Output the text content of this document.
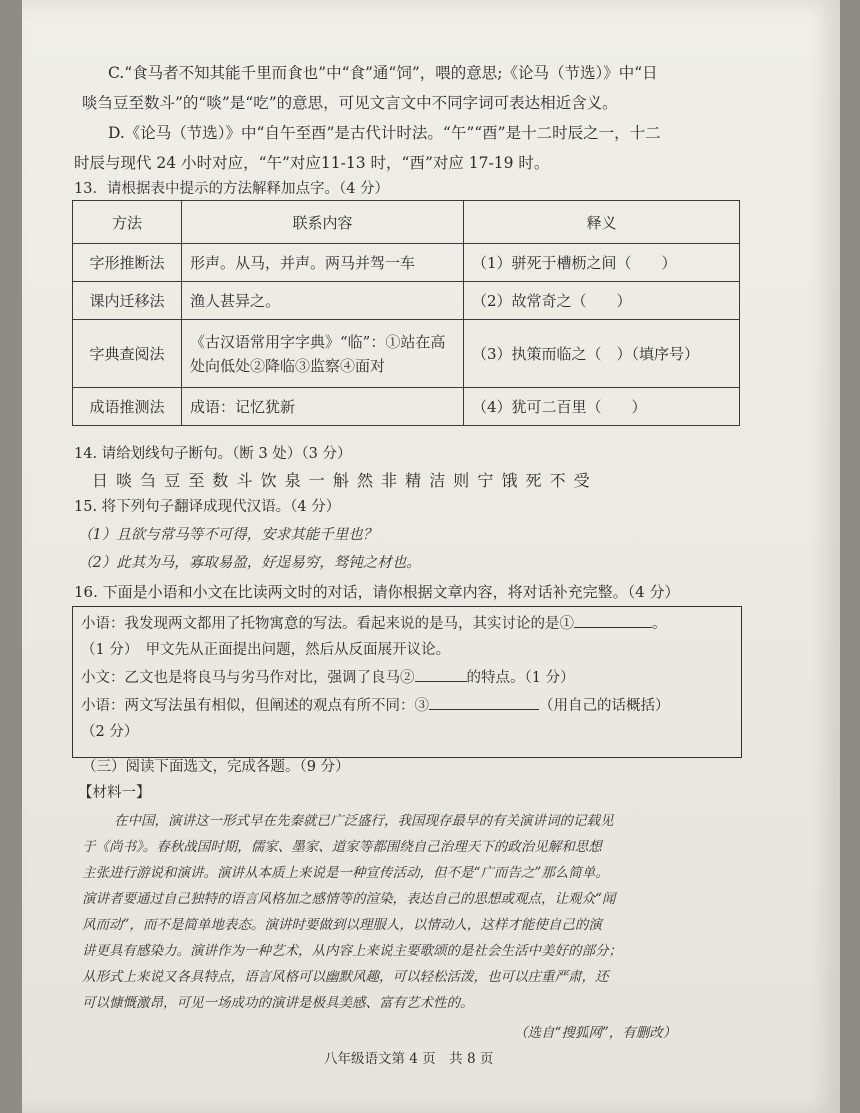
C.“食马者不知其能千里而食也”中“食”通“饲”，喂的意思;《论马（节选）》中“日
啖刍豆至数斗”的“啖”是“吃”的意思，可见文言文中不同字词可表达相近含义。
D.《论马（节选）》中“自午至酉”是古代计时法。“午”“酉”是十二时辰之一，十二
时辰与现代 24 小时对应，“午”对应11-13 时，“酉”对应 17-19 时。
13．请根据表中提示的方法解释加点字。（4 分）
方法	联系内容	释义
字形推断法	形声。从马，并声。两马并驾一车	（1）骈死于槽枥之间（　　）
课内迁移法	渔人甚异之。	（2）故常奇之（　　）
字典查阅法	《古汉语常用字字典》“临”：①站在高处向低处②降临③监察④面对	（3）执策而临之（　）（填序号）
成语推测法	成语：记忆犹新	（4）犹可二百里（　　）
14. 请给划线句子断句。（断 3 处）（3 分）
日 啖 刍 豆 至 数 斗 饮 泉 一 斛 然 非 精 洁 则 宁 饿 死 不 受
15. 将下列句子翻译成现代汉语。（4 分）
（1）且欲与常马等不可得，安求其能千里也？
（2）此其为马，寡取易盈，好逞易穷，驽钝之材也。
16. 下面是小语和小文在比读两文时的对话，请你根据文章内容，将对话补充完整。（4 分）
小语：我发现两文都用了托物寓意的写法。看起来说的是马，其实讨论的是①	。
（1 分）　甲文先从正面提出问题，然后从反面展开议论。
小文：乙文也是将良马与劣马作对比，强调了良马②	的特点。（1 分）
小语：两文写法虽有相似，但阐述的观点有所不同：③	（用自己的话概括）
（2 分）
（三）阅读下面选文，完成各题。（9 分）
【材料一】
在中国，演讲这一形式早在先秦就已广泛盛行，我国现存最早的有关演讲词的记载见
于《尚书》。春秋战国时期，儒家、墨家、道家等都围绕自己治理天下的政治见解和思想
主张进行游说和演讲。演讲从本质上来说是一种宣传活动，但不是“广而告之”那么简单。
演讲者要通过自己独特的语言风格加之感情等的渲染，表达自己的思想或观点，让观众“闻
风而动”，而不是简单地表态。演讲时要做到以理服人，以情动人，这样才能使自己的演
讲更具有感染力。演讲作为一种艺术，从内容上来说主要歌颂的是社会生活中美好的部分；
从形式上来说又各具特点，语言风格可以幽默风趣，可以轻松活泼，也可以庄重严肃，还
可以慷慨激昂，可见一场成功的演讲是极具美感、富有艺术性的。
（选自“搜狐网”，有删改）
八年级语文第 4 页　共 8 页
